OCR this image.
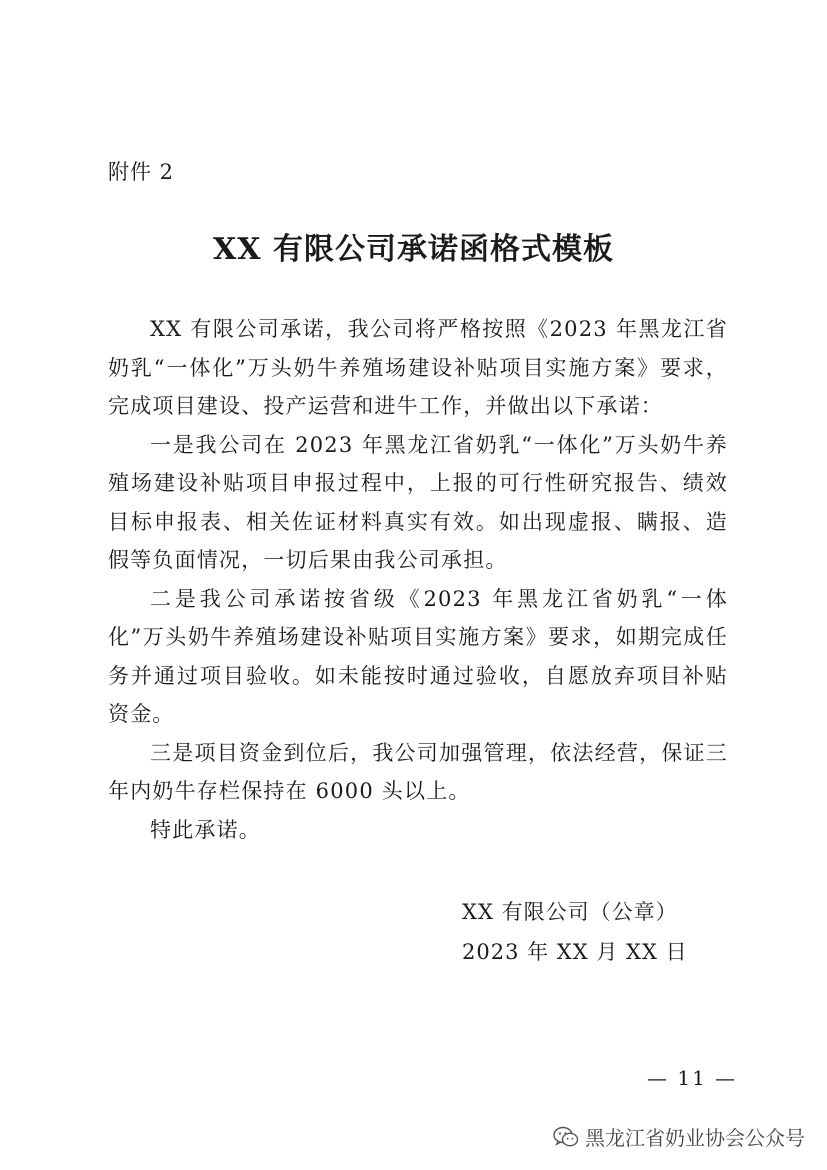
附件 2
XX 有限公司承诺函格式模板

XX 有限公司承诺，我公司将严格按照《2023 年黑龙江省奶乳“一体化”万头奶牛养殖场建设补贴项目实施方案》要求，完成项目建设、投产运营和进牛工作，并做出以下承诺：

一是我公司在 2023 年黑龙江省奶乳“一体化”万头奶牛养殖场建设补贴项目申报过程中，上报的可行性研究报告、绩效目标申报表、相关佐证材料真实有效。如出现虚报、瞒报、造假等负面情况，一切后果由我公司承担。

二是我公司承诺按省级《2023 年黑龙江省奶乳“一体化”万头奶牛养殖场建设补贴项目实施方案》要求，如期完成任务并通过项目验收。如未能按时通过验收，自愿放弃项目补贴资金。

三是项目资金到位后，我公司加强管理，依法经营，保证三年内奶牛存栏保持在 6000 头以上。

特此承诺。

XX 有限公司（公章）
2023 年 XX 月 XX 日
— 11 —
黑龙江省奶业协会公众号
